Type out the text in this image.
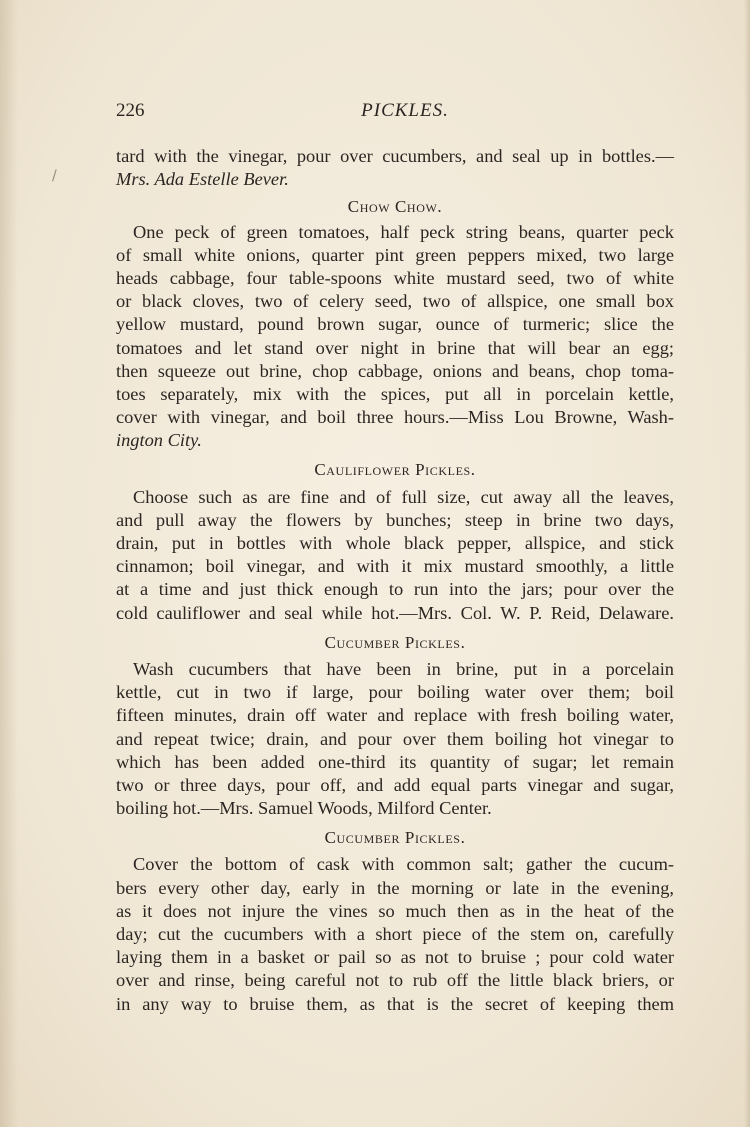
226	PICKLES.
/
tard with the vinegar, pour over cucumbers, and seal up in bottles.—
Mrs. Ada Estelle Bever.
Chow Chow.
One peck of green tomatoes, half peck string beans, quarter peck
of small white onions, quarter pint green peppers mixed, two large
heads cabbage, four table-spoons white mustard seed, two of white
or black cloves, two of celery seed, two of allspice, one small box
yellow mustard, pound brown sugar, ounce of turmeric; slice the
tomatoes and let stand over night in brine that will bear an egg;
then squeeze out brine, chop cabbage, onions and beans, chop toma-
toes separately, mix with the spices, put all in porcelain kettle,
cover with vinegar, and boil three hours.—Miss Lou Browne, Wash-
ington City.
Cauliflower Pickles.
Choose such as are fine and of full size, cut away all the leaves,
and pull away the flowers by bunches; steep in brine two days,
drain, put in bottles with whole black pepper, allspice, and stick
cinnamon; boil vinegar, and with it mix mustard smoothly, a little
at a time and just thick enough to run into the jars; pour over the
cold cauliflower and seal while hot.—Mrs. Col. W. P. Reid, Delaware.
Cucumber Pickles.
Wash cucumbers that have been in brine, put in a porcelain
kettle, cut in two if large, pour boiling water over them; boil
fifteen minutes, drain off water and replace with fresh boiling water,
and repeat twice; drain, and pour over them boiling hot vinegar to
which has been added one-third its quantity of sugar; let remain
two or three days, pour off, and add equal parts vinegar and sugar,
boiling hot.—Mrs. Samuel Woods, Milford Center.
Cucumber Pickles.
Cover the bottom of cask with common salt; gather the cucum-
bers every other day, early in the morning or late in the evening,
as it does not injure the vines so much then as in the heat of the
day; cut the cucumbers with a short piece of the stem on, carefully
laying them in a basket or pail so as not to bruise ; pour cold water
over and rinse, being careful not to rub off the little black briers, or
in any way to bruise them, as that is the secret of keeping them
